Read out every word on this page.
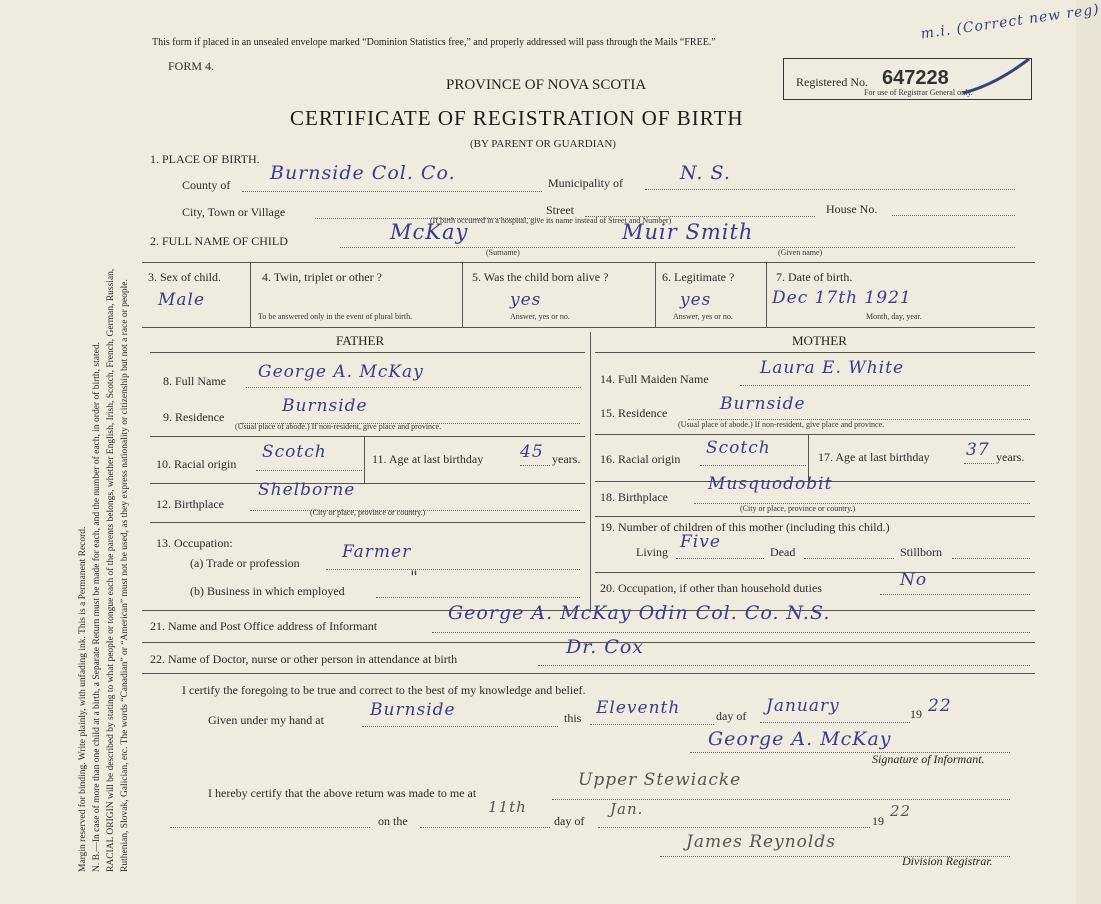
Margin reserved for binding. Write plainly, with unfading ink. This is a Permanent Record. N. B.—In case of more than one child at a birth, a Separate Return must be made for each, and the number of each, in order of birth, stated. RACIAL ORIGIN will be described by stating to what people or tongue each of the parents belongs, whether English, Irish, Scotch, French, German, Russian, Ruthenian, Slovak, Galician, etc. The words “Canadian” or “American” must not be used, as they express nationality or citizenship but not a race or people.
This form if placed in an unsealed envelope marked “Dominion Statistics free,” and properly addressed will pass through the Mails “FREE.”
FORM 4.
PROVINCE OF NOVA SCOTIA
CERTIFICATE OF REGISTRATION OF BIRTH
(BY PARENT OR GUARDIAN)
Registered No. 647228
For use of Registrar General only.
m.i. (Correct new reg)
1. PLACE OF BIRTH.
County of
Burnside Col. Co.	Municipality of	N. S.
City, Town or Village	Street	House No.
(If birth occurred in a hospital, give its name instead of Street and Number)
2. FULL NAME OF CHILD	McKay	Muir Smith
(Surname)	(Given name)
3. Sex of child.
Male
4. Twin, triplet or other ?
To be answered only in the event of plural birth.
5. Was the child born alive ?
yes
Answer, yes or no.
6. Legitimate ?
yes
Answer, yes or no.
7. Date of birth.
Dec 17th 1921
Month, day, year.
FATHER	MOTHER
8. Full Name George A. McKay
9. Residence
Burnside
(Usual place of abode.) If non-resident, give place and province.
10. Racial origin
Scotch	11. Age at last birthday 45 years.
12. Birthplace
Shelborne
(City or place, province or country.)
13. Occupation:
(a) Trade or profession
Farmer
(b) Business in which employed
"
14. Full Maiden Name
Laura E. White
15. Residence	Burnside
(Usual place of abode.) If non-resident, give place and province.
16. Racial origin
Scotch	17. Age at last birthday 37 years.
18. Birthplace
Musquodobit
(City or place, province or country.)
19. Number of children of this mother (including this child.)
Living Five	Dead	Stillborn
20. Occupation, if other than household duties	No
21. Name and Post Office address of Informant
George A. McKay Odin Col. Co. N.S.
22. Name of Doctor, nurse or other person in attendance at birth
Dr. Cox
I certify the foregoing to be true and correct to the best of my knowledge and belief.
Given under my hand at	Burnside	this Eleventh	day of January	19 22
George A. McKay
Signature of Informant.
I hereby certify that the above return was made to me at
Upper Stewiacke
on the
11th
day of
Jan.
19
22
James Reynolds
Division Registrar.
